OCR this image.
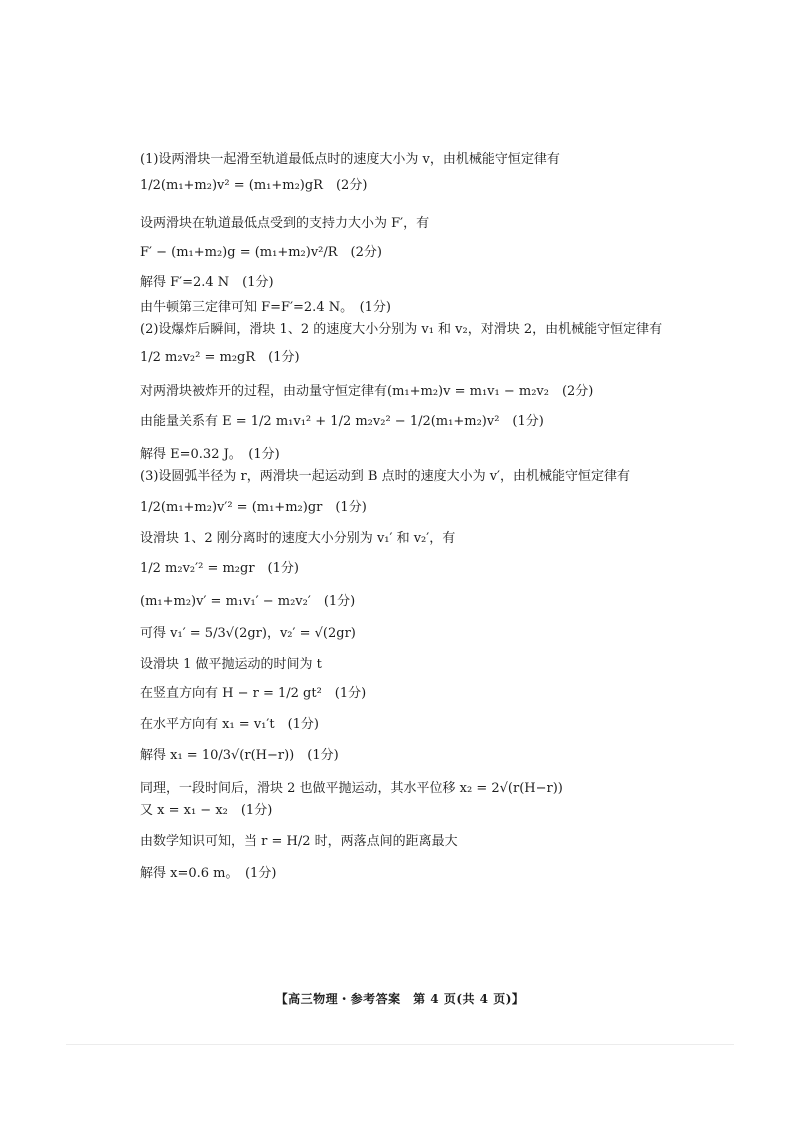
(1)设两滑块一起滑至轨道最低点时的速度大小为 v，由机械能守恒定律有
1/2(m₁+m₂)v² = (m₁+m₂)gR　(2分)
设两滑块在轨道最低点受到的支持力大小为 F′，有
F′ − (m₁+m₂)g = (m₁+m₂)v²/R　(2分)
解得 F′=2.4 N　(1分)
由牛顿第三定律可知 F=F′=2.4 N。　(1分)
(2)设爆炸后瞬间，滑块 1、2 的速度大小分别为 v₁ 和 v₂，对滑块 2，由机械能守恒定律有
1/2 m₂v₂² = m₂gR　(1分)
对两滑块被炸开的过程，由动量守恒定律有(m₁+m₂)v = m₁v₁ − m₂v₂　(2分)
由能量关系有 E = 1/2 m₁v₁² + 1/2 m₂v₂² − 1/2(m₁+m₂)v²　(1分)
解得 E=0.32 J。　(1分)
(3)设圆弧半径为 r，两滑块一起运动到 B 点时的速度大小为 v′，由机械能守恒定律有
1/2(m₁+m₂)v′² = (m₁+m₂)gr　(1分)
设滑块 1、2 刚分离时的速度大小分别为 v₁′ 和 v₂′，有
1/2 m₂v₂′² = m₂gr　(1分)
(m₁+m₂)v′ = m₁v₁′ − m₂v₂′　(1分)
可得 v₁′ = 5/3√(2gr)，v₂′ = √(2gr)
设滑块 1 做平抛运动的时间为 t
在竖直方向有 H − r = 1/2 gt²　(1分)
在水平方向有 x₁ = v₁′t　(1分)
解得 x₁ = 10/3√(r(H−r))　(1分)
同理，一段时间后，滑块 2 也做平抛运动，其水平位移 x₂ = 2√(r(H−r))
又 x = x₁ − x₂　(1分)
由数学知识可知，当 r = H/2 时，两落点间的距离最大
解得 x=0.6 m。　(1分)
【高三物理・参考答案　第 4 页(共 4 页)】
